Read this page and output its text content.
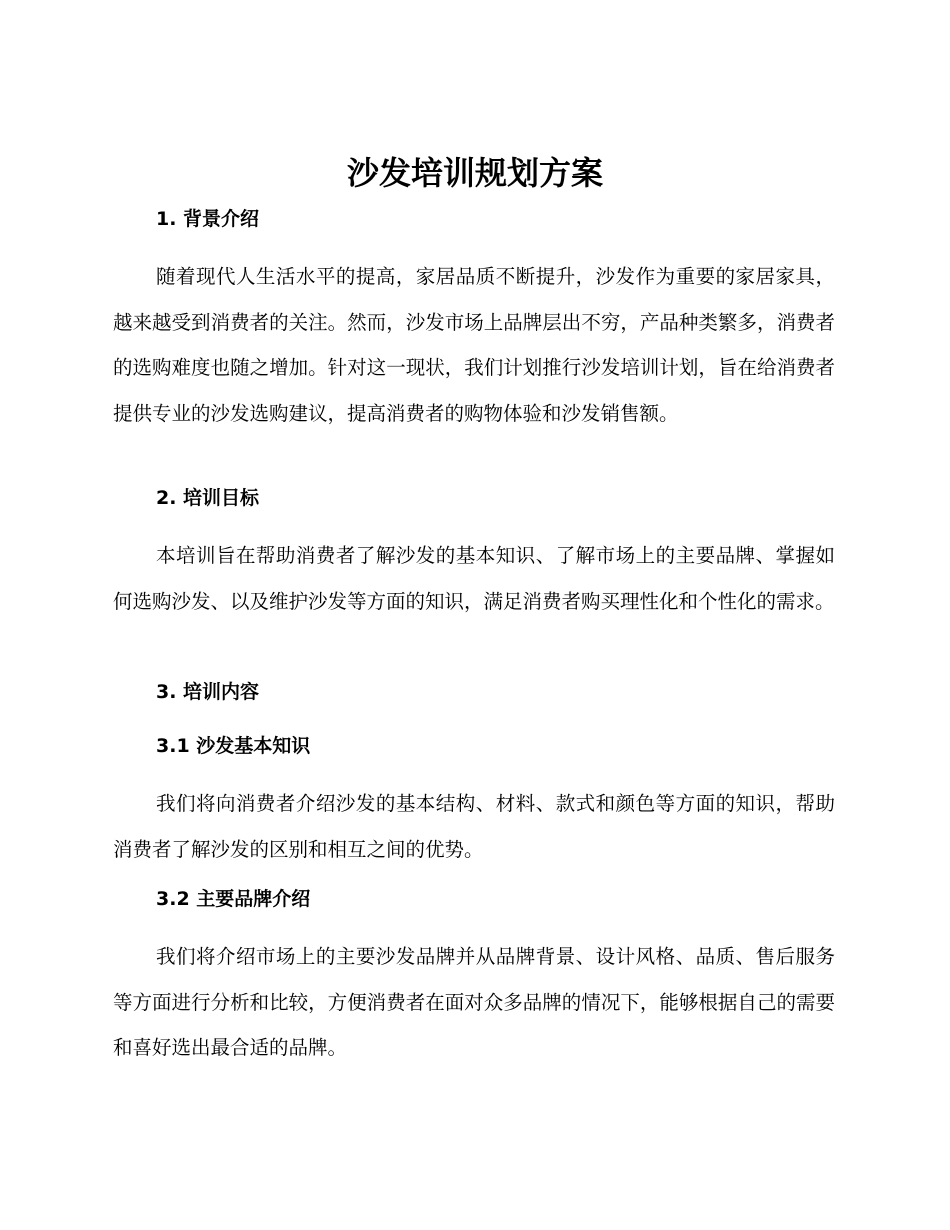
沙发培训规划方案
1. 背景介绍

随着现代人生活水平的提高，家居品质不断提升，沙发作为重要的家居家具，越来越受到消费者的关注。然而，沙发市场上品牌层出不穷，产品种类繁多，消费者的选购难度也随之增加。针对这一现状，我们计划推行沙发培训计划，旨在给消费者提供专业的沙发选购建议，提高消费者的购物体验和沙发销售额。

2. 培训目标

本培训旨在帮助消费者了解沙发的基本知识、了解市场上的主要品牌、掌握如何选购沙发、以及维护沙发等方面的知识，满足消费者购买理性化和个性化的需求。

3. 培训内容
3.1 沙发基本知识

我们将向消费者介绍沙发的基本结构、材料、款式和颜色等方面的知识，帮助消费者了解沙发的区别和相互之间的优势。

3.2 主要品牌介绍

我们将介绍市场上的主要沙发品牌并从品牌背景、设计风格、品质、售后服务等方面进行分析和比较，方便消费者在面对众多品牌的情况下，能够根据自己的需要和喜好选出最合适的品牌。
